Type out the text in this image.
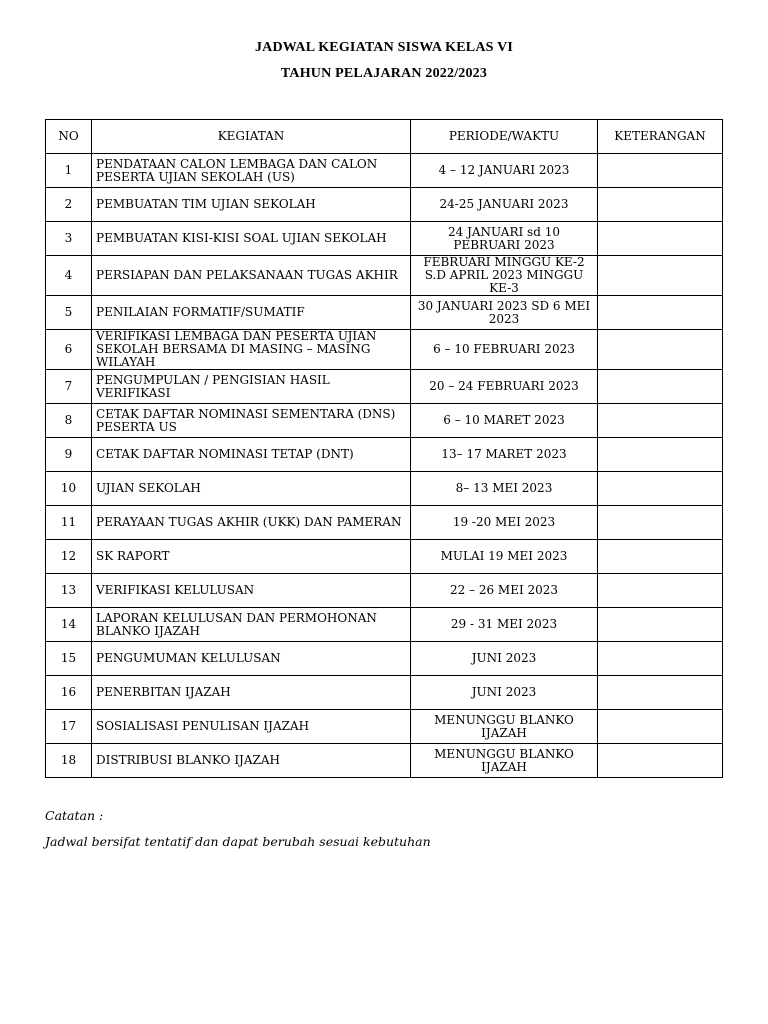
JADWAL KEGIATAN SISWA KELAS VI
TAHUN PELAJARAN 2022/2023
NO	KEGIATAN	PERIODE/WAKTU	KETERANGAN
1	PENDATAAN CALON LEMBAGA DAN CALON PESERTA UJIAN SEKOLAH (US)	4 – 12 JANUARI 2023	
2	PEMBUATAN TIM UJIAN SEKOLAH	24-25 JANUARI 2023	
3	PEMBUATAN KISI-KISI SOAL UJIAN SEKOLAH	24 JANUARI sd 10 PEBRUARI 2023	
4	PERSIAPAN DAN PELAKSANAAN TUGAS AKHIR	FEBRUARI MINGGU KE-2 S.D APRIL 2023 MINGGU KE-3	
5	PENILAIAN FORMATIF/SUMATIF	30 JANUARI 2023 SD 6 MEI 2023	
6	VERIFIKASI LEMBAGA DAN PESERTA UJIAN SEKOLAH BERSAMA DI MASING – MASING WILAYAH	6 – 10 FEBRUARI 2023	
7	PENGUMPULAN / PENGISIAN HASIL VERIFIKASI	20 – 24 FEBRUARI 2023	
8	CETAK DAFTAR NOMINASI SEMENTARA (DNS) PESERTA US	6 – 10 MARET 2023	
9	CETAK DAFTAR NOMINASI TETAP (DNT)	13– 17 MARET 2023	
10	UJIAN SEKOLAH	8– 13 MEI 2023	
11	PERAYAAN TUGAS AKHIR (UKK) DAN PAMERAN	19 -20 MEI 2023	
12	SK RAPORT	MULAI 19 MEI 2023	
13	VERIFIKASI KELULUSAN	22 – 26 MEI 2023	
14	LAPORAN KELULUSAN DAN PERMOHONAN BLANKO IJAZAH	29 - 31 MEI 2023	
15	PENGUMUMAN KELULUSAN	JUNI 2023	
16	PENERBITAN IJAZAH	JUNI 2023	
17	SOSIALISASI PENULISAN IJAZAH	MENUNGGU BLANKO IJAZAH	
18	DISTRIBUSI BLANKO IJAZAH	MENUNGGU BLANKO IJAZAH	
Catatan :
Jadwal bersifat tentatif dan dapat berubah sesuai kebutuhan
